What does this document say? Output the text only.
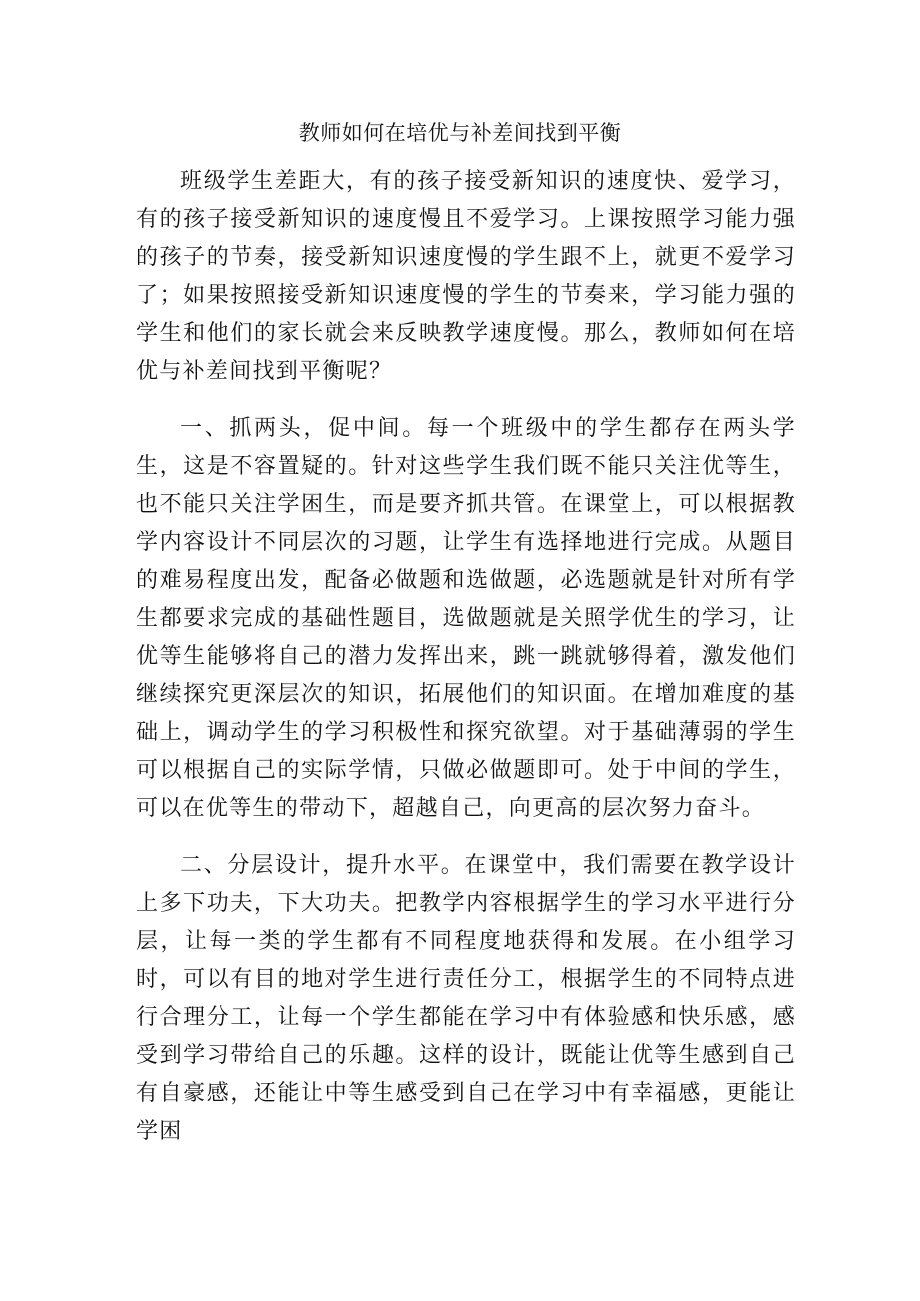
教师如何在培优与补差间找到平衡

班级学生差距大，有的孩子接受新知识的速度快、爱学习，有的孩子接受新知识的速度慢且不爱学习。上课按照学习能力强的孩子的节奏，接受新知识速度慢的学生跟不上，就更不爱学习了；如果按照接受新知识速度慢的学生的节奏来，学习能力强的学生和他们的家长就会来反映教学速度慢。那么，教师如何在培优与补差间找到平衡呢？

一、抓两头，促中间。每一个班级中的学生都存在两头学生，这是不容置疑的。针对这些学生我们既不能只关注优等生，也不能只关注学困生，而是要齐抓共管。在课堂上，可以根据教学内容设计不同层次的习题，让学生有选择地进行完成。从题目的难易程度出发，配备必做题和选做题，必选题就是针对所有学生都要求完成的基础性题目，选做题就是关照学优生的学习，让优等生能够将自己的潜力发挥出来，跳一跳就够得着，激发他们继续探究更深层次的知识，拓展他们的知识面。在增加难度的基础上，调动学生的学习积极性和探究欲望。对于基础薄弱的学生可以根据自己的实际学情，只做必做题即可。处于中间的学生，可以在优等生的带动下，超越自己，向更高的层次努力奋斗。

二、分层设计，提升水平。在课堂中，我们需要在教学设计上多下功夫，下大功夫。把教学内容根据学生的学习水平进行分层，让每一类的学生都有不同程度地获得和发展。在小组学习时，可以有目的地对学生进行责任分工，根据学生的不同特点进行合理分工，让每一个学生都能在学习中有体验感和快乐感，感受到学习带给自己的乐趣。这样的设计，既能让优等生感到自己有自豪感，还能让中等生感受到自己在学习中有幸福感，更能让学困
